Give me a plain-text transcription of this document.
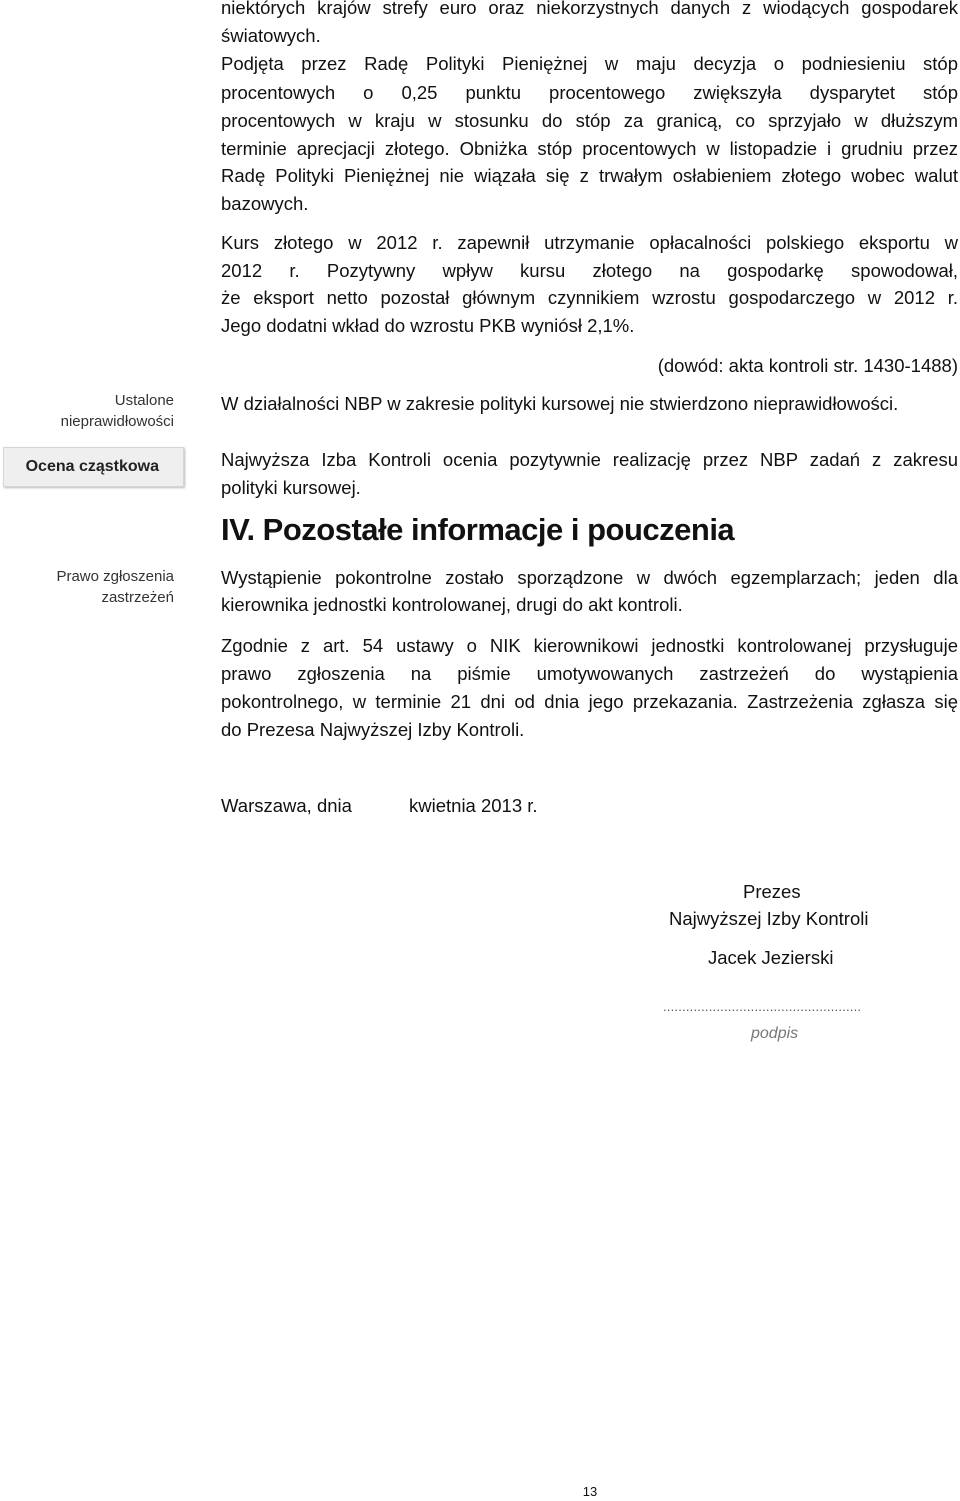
Ustalone
nieprawidłowości
Ocena cząstkowa
Prawo zgłoszenia
zastrzeżeń
niektórych krajów strefy euro oraz niekorzystnych danych z wiodących gospodarek
światowych.
Podjęta przez Radę Polityki Pieniężnej w maju decyzja o podniesieniu stóp
procentowych o 0,25 punktu procentowego zwiększyła dysparytet stóp
procentowych w kraju w stosunku do stóp za granicą, co sprzyjało w dłuższym
terminie aprecjacji złotego. Obniżka stóp procentowych w listopadzie i grudniu przez
Radę Polityki Pieniężnej nie wiązała się z trwałym osłabieniem złotego wobec walut
bazowych.
Kurs złotego w 2012 r. zapewnił utrzymanie opłacalności polskiego eksportu w
2012 r. Pozytywny wpływ kursu złotego na gospodarkę spowodował,
że eksport netto pozostał głównym czynnikiem wzrostu gospodarczego w 2012 r.
Jego dodatni wkład do wzrostu PKB wyniósł 2,1%.
(dowód: akta kontroli str. 1430-1488)
W działalności NBP w zakresie polityki kursowej nie stwierdzono nieprawidłowości.
Najwyższa Izba Kontroli ocenia pozytywnie realizację przez NBP zadań z zakresu
polityki kursowej.
IV. Pozostałe informacje i pouczenia
Wystąpienie pokontrolne zostało sporządzone w dwóch egzemplarzach; jeden dla
kierownika jednostki kontrolowanej, drugi do akt kontroli.
Zgodnie z art. 54 ustawy o NIK kierownikowi jednostki kontrolowanej przysługuje
prawo zgłoszenia na piśmie umotywowanych zastrzeżeń do wystąpienia
pokontrolnego, w terminie 21 dni od dnia jego przekazania. Zastrzeżenia zgłasza się
do Prezesa Najwyższej Izby Kontroli.
Warszawa, dnia	kwietnia 2013 r.
Prezes
Najwyższej Izby Kontroli
Jacek Jezierski
....................................................
podpis
13
